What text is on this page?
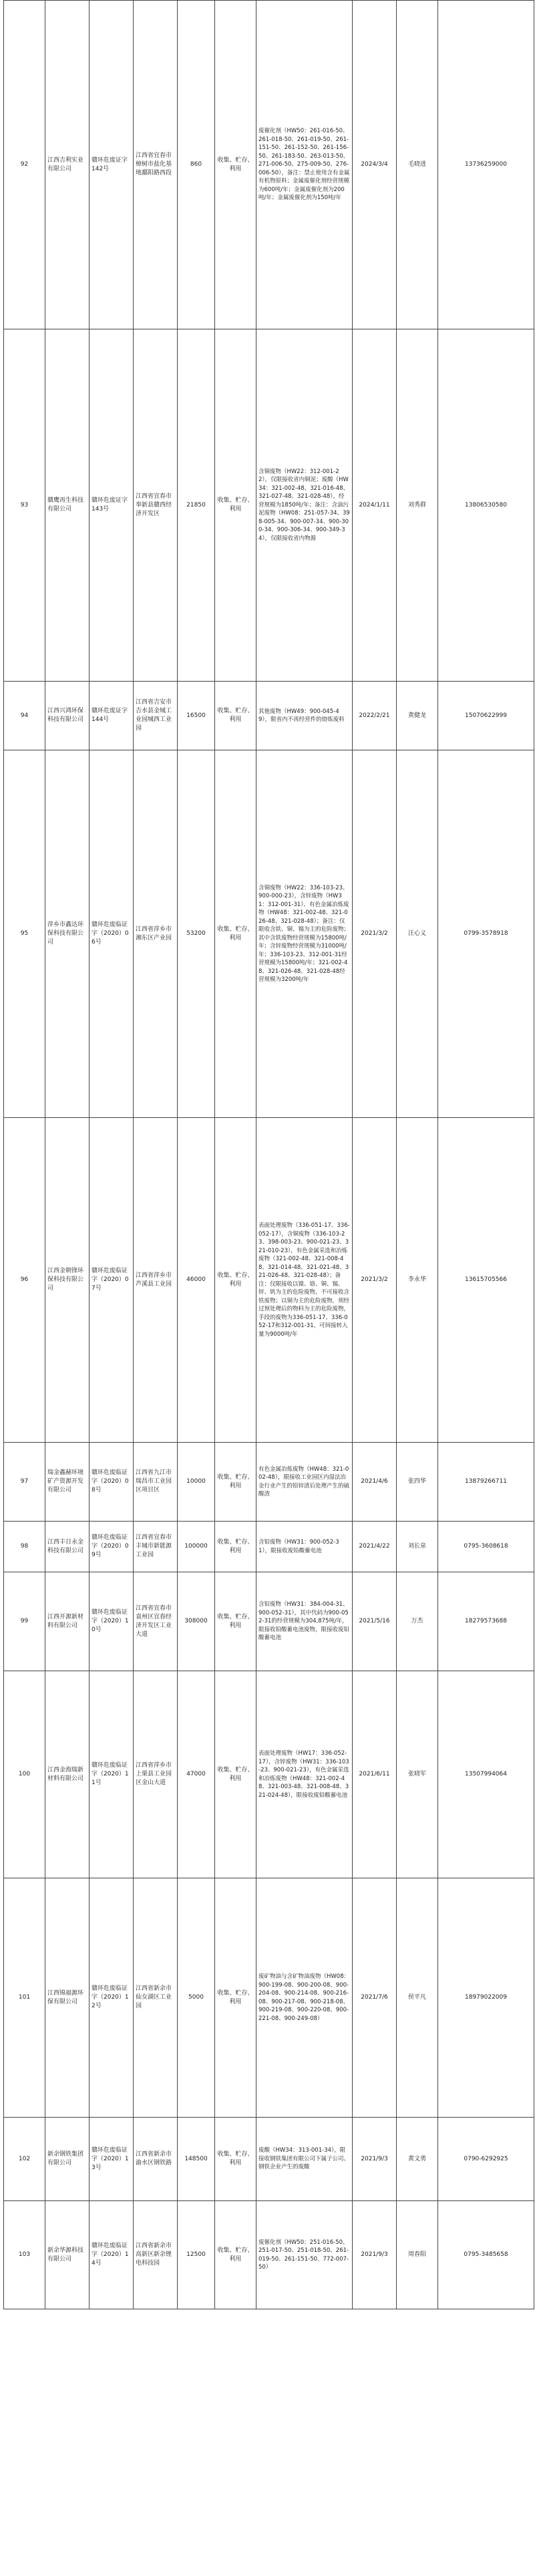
92	江西吉利实业有限公司	赣环危废证字142号	江西省宜春市樟树市盐化基地鄱阳路西段	860	收集、贮存、利用	废催化剂（HW50：261-016-50、261-018-50、261-019-50、261-151-50、261-152-50、261-156-50、261-183-50、263-013-50、271-006-50、275-009-50、276-006-50），备注：禁止使用含有金属有机物原料；金属废催化剂经营规模为600吨/年；金属废催化剂为200吨/年；金属废催化剂为150吨/年	2024/3/4	毛晓进	13736259000
93	赣鹰再生科技有限公司	赣环危废证字143号	江西省宜春市奉新县赣西经济开发区	21850	收集、贮存、利用	含铜废物（HW22：312-001-22），仅限接收省内铜泥；废酸（HW34：321-002-48、321-016-48、321-027-48、321-028-48），经营规模为1850吨/年；备注：含油污泥废物（HW08：251-057-34、398-005-34、900-007-34、900-300-34、900-306-34、900-349-34），仅限接收省内物源	2024/1/11	刘秀群	13806530580
94	江西兴鸿环保科技有限公司	赣环危废证字144号	江西省吉安市吉水县金城工业园城西工业园	16500	收集、贮存、利用	其他废物（HW49：900-045-49），限省内不再经营件的熔炼废料	2022/2/21	黄健龙	15070622999
95	萍乡市鑫达环保科技有限公司	赣环危废临证字（2020）06号	江西省萍乡市湘东区产业园	53200	收集、贮存、利用	含铜废物（HW22：336-103-23、900-000-23），含锌废物（HW31：312-001-31）、有色金属冶炼废物（HW48：321-002-48、321-026-48、321-028-48）；备注：仅限收含铁、铜、锡为主的危险废物；其中含铁废物经营规模为15800吨/年；含锌废物经营规模为31000吨/年；336-103-23、312-001-31经营规模为15800吨/年；321-002-48、321-026-48、321-028-48经营规模为3200吨/年	2021/3/2	汪心义	0799-3578918
96	江西金朝锋环保科技有限公司	赣环危废临证字（2020）07号	江西省萍乡市芦溪县工业园	46000	收集、贮存、利用	表面处理废物（336-051-17、336-052-17），含铜废物（336-103-23、398-003-23、900-021-23、321-010-23），有色金属采选和冶炼废物（321-002-48、321-008-48、321-014-48、321-021-48、321-026-48、321-028-48）；备注：仅限接收以镍、铬、铜、锡、锌、钒为主的危险废物，不可接收含铁废物；以铜为主的危险废物，须经过预处理后的物料为主的危险废物，手段的废物为336-051-17、336-052-17和312-001-31，可间接转入量为9000吨/年	2021/3/2	李永华	13615705566
97	瑞金鑫赫环境矿产资源开发有限公司	赣环危废临证字（2020）08号	江西省九江市瑞昌市工业园区项目区	10000	收集、贮存、利用	有色金属冶炼废物（HW48：321-002-48），限接收工业园区内湿法冶金行业产生的铅锌渣后处理产生的硫酸渣	2021/4/6	张四华	13879266711
98	江西丰日永金科技有限公司	赣环危废临证字（2020）09号	江西省宜春市丰城市新能源工业园	100000	收集、贮存、利用	含铅废物（HW31：900-052-31），限接收废铅酸蓄电池	2021/4/22	刘长泉	0795-3608618
99	江西开源新材料有限公司	赣环危废临证字（2020）10号	江西省宜春市袁州区宜春经济开发区工业大道	308000	收集、贮存、利用	含铅废物（HW31：384-004-31、900-052-31），其中代码为900-052-31的经营规模为304,875吨/年，限接收铅酸蓄电池废物，限接收废铅酸蓄电池	2021/5/16	万杰	18279573688
100	江西金海瑞新材料有限公司	赣环危废临证字（2020）11号	江西省萍乡市上栗县工业园区金山大道	47000	收集、贮存、利用	表面处理废物（HW17：336-052-17），含锌废物（HW31：336-103-23、900-021-23），有色金属采选和冶炼废物（HW48：321-002-48、321-003-48、321-008-48、321-024-48），限接收废铅酸蓄电池	2021/6/11	张晓军	13507994064
101	江西锦福源环保有限公司	赣环危废临证字（2020）12号	江西省新余市仙女湖区工业园	5000	收集、贮存、利用	废矿物油与含矿物油废物（HW08：900-199-08、900-200-08、900-204-08、900-214-08、900-216-08、900-217-08、900-218-08、900-219-08、900-220-08、900-221-08、900-249-08）	2021/7/6	侯平凡	18979022009
102	新余钢铁集团有限公司	赣环危废临证字（2020）13号	江西省新余市渝水区钢铁路	148500	收集、贮存、利用	废酸（HW34：313-001-34），限接收钢铁集团有限公司下属子公司、钢铁企业产生的废酸	2021/9/3	黄文勇	0790-6292925
103	新余华源科技有限公司	赣环危废临证字（2020）14号	江西省新余市高新区新余锂电科技园	12500	收集、贮存、利用	废催化剂（HW50：251-016-50、251-017-50、251-018-50、261-019-50、261-151-50、772-007-50）	2021/9/3	周春阳	0795-3485658
